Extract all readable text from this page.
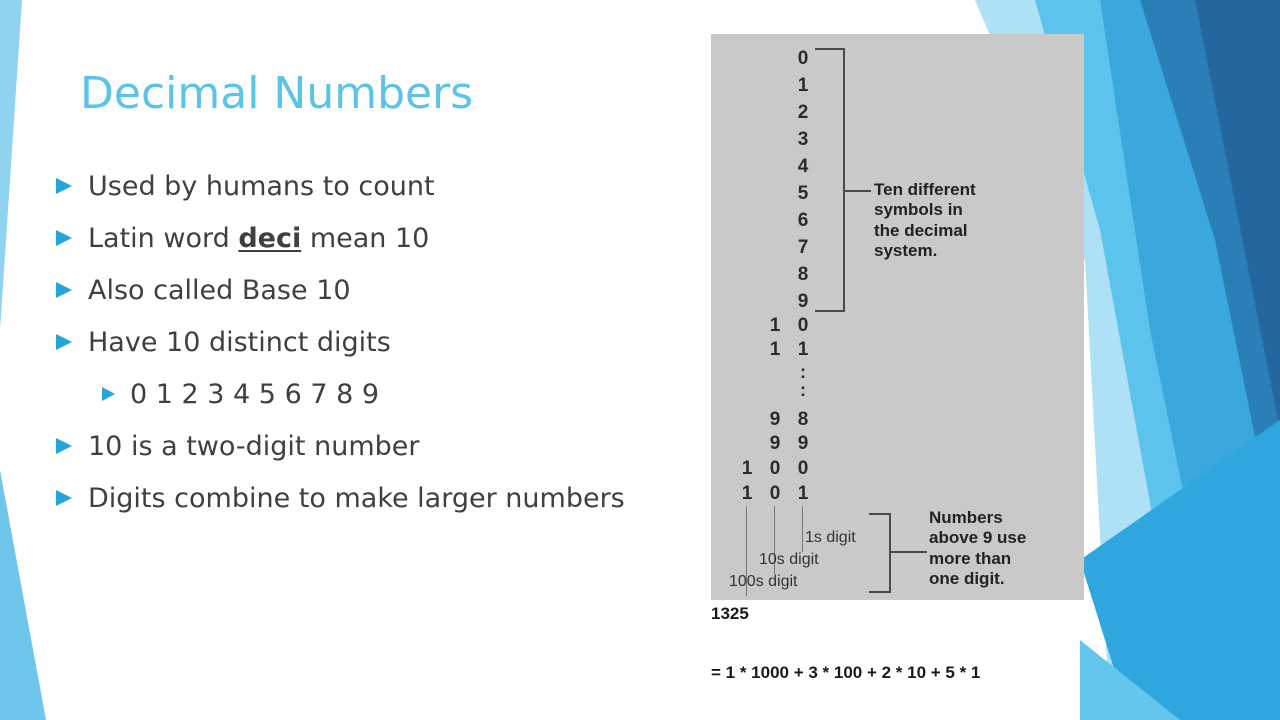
Decimal Numbers
Used by humans to count
Latin word deci mean 10
Also called Base 10
Have 10 distinct digits
0 1 2 3 4 5 6 7 8 9
10 is a two-digit number
Digits combine to make larger numbers
0
1
2
3
4
5
6
7
8
9
Ten different
symbols in
the decimal
system.
1 0
1 1
:
:
9 8
9 9
1 0 0
1 0 1
1s digit
10s digit
100s digit
Numbers
above 9 use
more than
one digit.
1325
= 1 * 1000 + 3 * 100 + 2 * 10 + 5 * 1
